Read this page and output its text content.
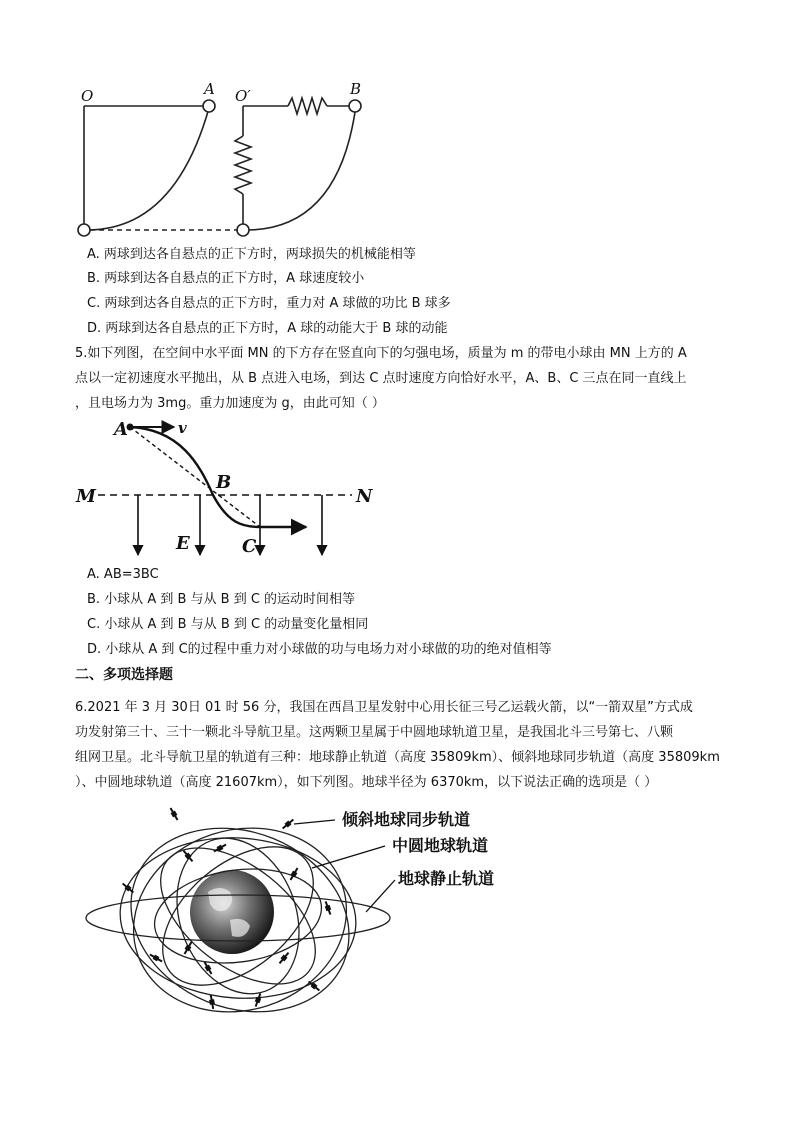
O	A O′	B
A. 两球到达各自悬点的正下方时，两球损失的机械能相等
B. 两球到达各自悬点的正下方时，A 球速度较小
C. 两球到达各自悬点的正下方时，重力对 A 球做的功比 B 球多
D. 两球到达各自悬点的正下方时，A 球的动能大于 B 球的动能
5.如下列图，在空间中水平面 MN 的下方存在竖直向下的匀强电场，质量为 m 的带电小球由 MN 上方的 A
点以一定初速度水平抛出，从 B 点进入电场，到达 C 点时速度方向恰好水平，A、B、C 三点在同一直线上
，且电场力为 3mg。重力加速度为 g，由此可知（ ）
A	v
M	N
B
E	C
A. AB=3BC
B. 小球从 A 到 B 与从 B 到 C 的运动时间相等
C. 小球从 A 到 B 与从 B 到 C 的动量变化量相同
D. 小球从 A 到 C的过程中重力对小球做的功与电场力对小球做的功的绝对值相等
二、多项选择题
6.2021 年 3 月 30日 01 时 56 分，我国在西昌卫星发射中心用长征三号乙运载火箭，以“一箭双星”方式成
功发射第三十、三十一颗北斗导航卫星。这两颗卫星属于中圆地球轨道卫星，是我国北斗三号第七、八颗
组网卫星。北斗导航卫星的轨道有三种：地球静止轨道（高度 35809km）、倾斜地球同步轨道（高度 35809km
）、中圆地球轨道（高度 21607km），如下列图。地球半径为 6370km，以下说法正确的选项是（ ）
倾斜地球同步轨道
中圆地球轨道
地球静止轨道
